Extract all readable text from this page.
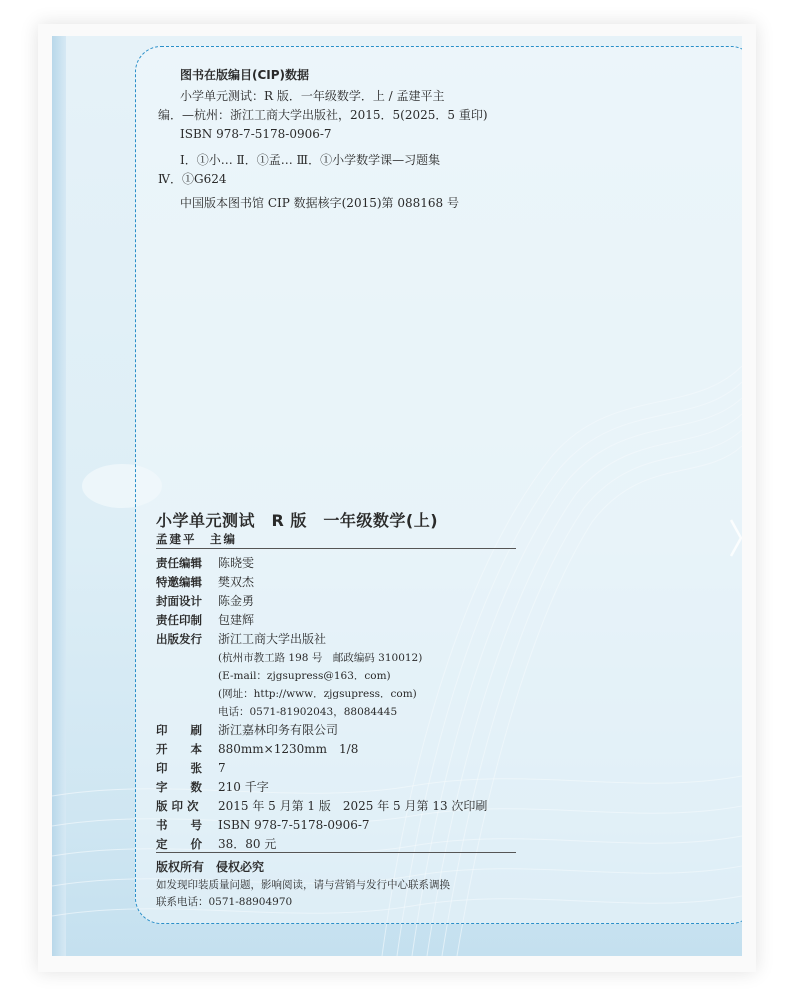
图书在版编目(CIP)数据
小学单元测试：R 版．一年级数学．上 / 孟建平主
编．—杭州：浙江工商大学出版社，2015．5(2025．5 重印)
ISBN 978-7-5178-0906-7
Ⅰ．①小… Ⅱ．①孟… Ⅲ．①小学数学课—习题集
Ⅳ．①G624
中国版本图书馆 CIP 数据核字(2015)第 088168 号
小学单元测试　R 版　一年级数学(上)
孟建平　主编
责任编辑 陈晓雯
特邀编辑 樊双杰
封面设计 陈金勇
责任印制 包建辉
出版发行 浙江工商大学出版社
(杭州市教工路 198 号　邮政编码 310012)
(E-mail：zjgsupress@163．com)
(网址：http://www．zjgsupress．com)
电话：0571-81902043，88084445
印　　刷 浙江嘉林印务有限公司
开　　本 880mm×1230mm　1/8
印　　张 7
字　　数 210 千字
版 印 次 2015 年 5 月第 1 版　2025 年 5 月第 13 次印刷
书　　号 ISBN 978-7-5178-0906-7
定　　价 38．80 元
版权所有　侵权必究
如发现印装质量问题，影响阅读，请与营销与发行中心联系调换
联系电话：0571-88904970
